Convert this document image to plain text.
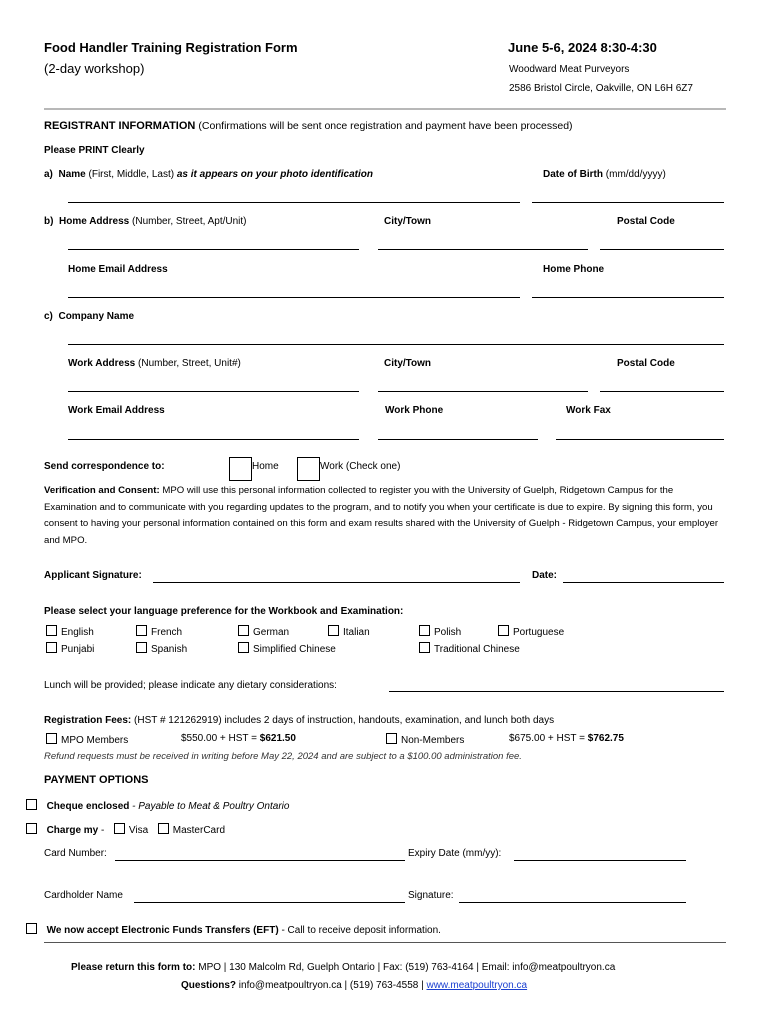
Food Handler Training Registration Form
(2-day workshop)
June 5-6, 2024 8:30-4:30
Woodward Meat Purveyors
2586 Bristol Circle, Oakville, ON L6H 6Z7
REGISTRANT INFORMATION (Confirmations will be sent once registration and payment have been processed)
Please PRINT Clearly
a) Name (First, Middle, Last) as it appears on your photo identification	Date of Birth (mm/dd/yyyy)
b) Home Address (Number, Street, Apt/Unit)	City/Town	Postal Code
Home Email Address	Home Phone
c) Company Name
Work Address (Number, Street, Unit#)	City/Town	Postal Code
Work Email Address	Work Phone	Work Fax
Send correspondence to:	Home	Work (Check one)
Verification and Consent: MPO will use this personal information collected to register you with the University of Guelph, Ridgetown Campus for the Examination and to communicate with you regarding updates to the program, and to notify you when your certificate is due to expire. By signing this form, you consent to having your personal information contained on this form and exam results shared with the University of Guelph - Ridgetown Campus, your employer and MPO.
Applicant Signature:	Date:
Please select your language preference for the Workbook and Examination:
English	French	German	Italian	Polish	Portuguese
Punjabi	Spanish	Simplified Chinese	Traditional Chinese
Lunch will be provided; please indicate any dietary considerations:
Registration Fees: (HST # 121262919) includes 2 days of instruction, handouts, examination, and lunch both days
MPO Members	$550.00 + HST = $621.50	Non-Members	$675.00 + HST = $762.75
Refund requests must be received in writing before May 22, 2024 and are subject to a $100.00 administration fee.
PAYMENT OPTIONS
Cheque enclosed - Payable to Meat & Poultry Ontario
Charge my -  Visa MasterCard
Card Number:	Expiry Date (mm/yy):
Cardholder Name	Signature:
We now accept Electronic Funds Transfers (EFT) - Call to receive deposit information.
Please return this form to: MPO | 130 Malcolm Rd, Guelph Ontario | Fax: (519) 763-4164 | Email: info@meatpoultryon.ca
Questions? info@meatpoultryon.ca | (519) 763-4558 | www.meatpoultryon.ca
